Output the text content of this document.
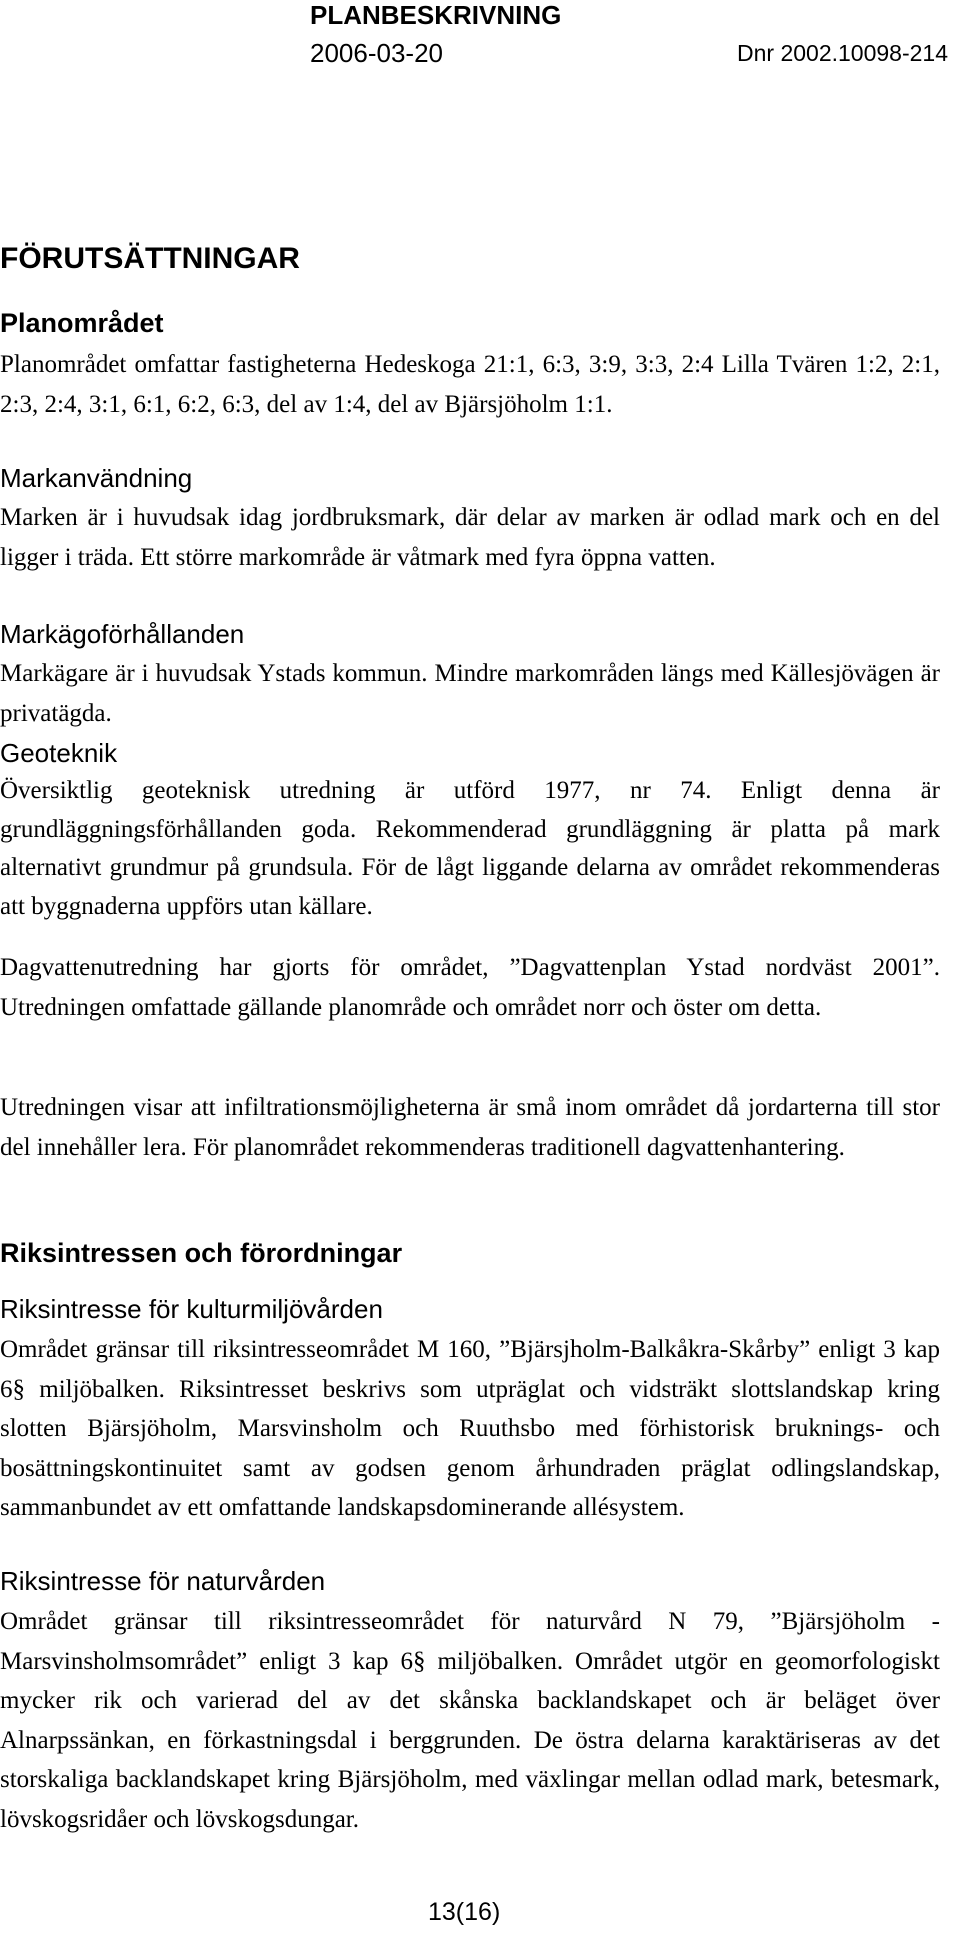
PLANBESKRIVNING
2006-03-20	Dnr 2002.10098-214
FÖRUTSÄTTNINGAR
Planområdet

Planområdet omfattar fastigheterna Hedeskoga 21:1, 6:3, 3:9, 3:3, 2:4 Lilla Tvären 1:2, 2:1, 2:3, 2:4, 3:1, 6:1, 6:2, 6:3, del av 1:4, del av Bjärsjöholm 1:1.

Markanvändning

Marken är i huvudsak idag jordbruksmark, där delar av marken är odlad mark och en del ligger i träda. Ett större markområde är våtmark med fyra öppna vatten.

Markägoförhållanden

Markägare är i huvudsak Ystads kommun. Mindre markområden längs med Källesjövägen är privatägda.

Geoteknik

Översiktlig geoteknisk utredning är utförd 1977, nr 74. Enligt denna är grundläggningsförhållanden goda. Rekommenderad grundläggning är platta på mark alternativt grundmur på grundsula. För de lågt liggande delarna av området rekommenderas att byggnaderna uppförs utan källare.

Dagvattenutredning har gjorts för området, ”Dagvattenplan Ystad nordväst 2001”. Utredningen omfattade gällande planområde och området norr och öster om detta.

Utredningen visar att infiltrationsmöjligheterna är små inom området då jordarterna till stor del innehåller lera. För planområdet rekommenderas traditionell dagvattenhantering.

Riksintressen och förordningar
Riksintresse för kulturmiljövården

Området gränsar till riksintresseområdet M 160, ”Bjärsjholm-Balkåkra-Skårby” enligt 3 kap 6§ miljöbalken. Riksintresset beskrivs som utpräglat och vidsträkt slottslandskap kring slotten Bjärsjöholm, Marsvinsholm och Ruuthsbo med förhistorisk bruknings- och bosättningskontinuitet samt av godsen genom århundraden präglat odlingslandskap, sammanbundet av ett omfattande landskapsdominerande allésystem.

Riksintresse för naturvården

Området gränsar till riksintresseområdet för naturvård N 79, ”Bjärsjöholm - Marsvinsholmsområdet” enligt 3 kap 6§ miljöbalken. Området utgör en geomorfologiskt mycker rik och varierad del av det skånska backlandskapet och är beläget över Alnarpssänkan, en förkastningsdal i berggrunden. De östra delarna karaktäriseras av det storskaliga backlandskapet kring Bjärsjöholm, med växlingar mellan odlad mark, betesmark, lövskogsridåer och lövskogsdungar.

13(16)
